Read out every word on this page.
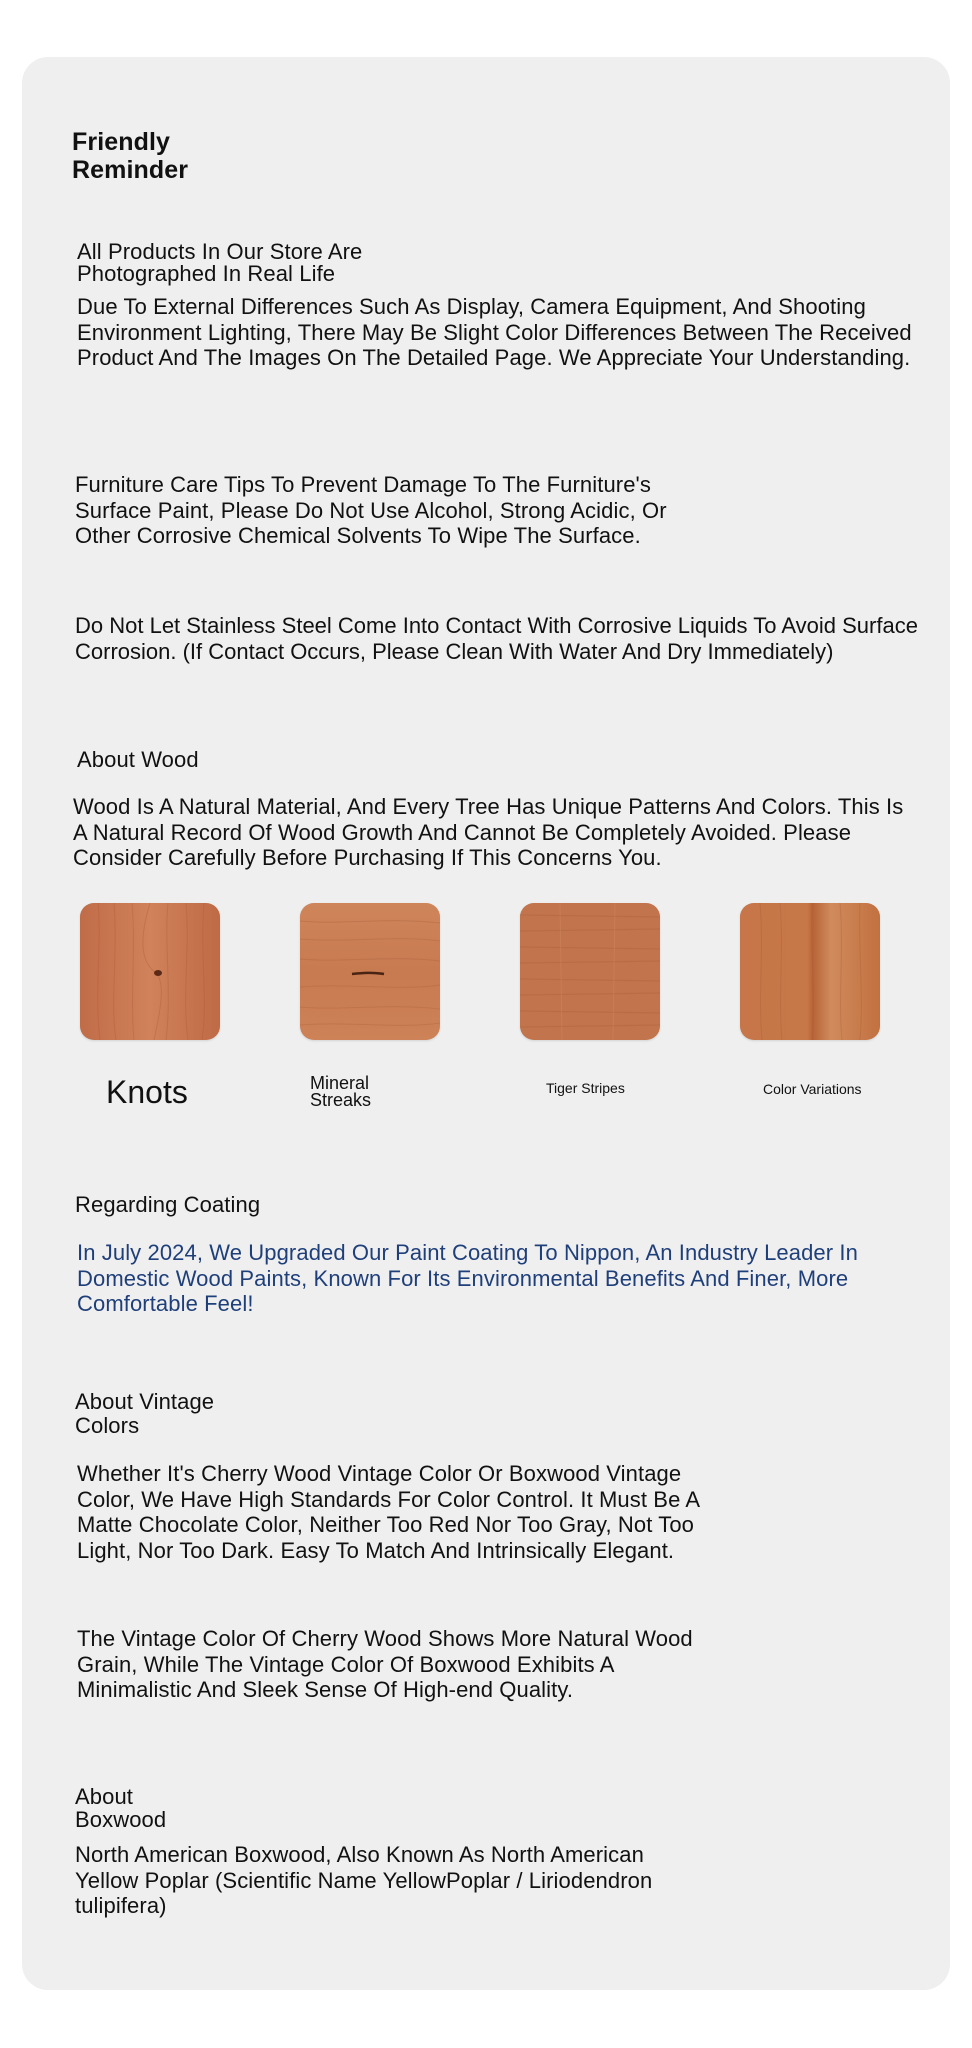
Friendly Reminder
All Products In Our Store Are Photographed In Real Life

Due To External Differences Such As Display, Camera Equipment, And Shooting Environment Lighting, There May Be Slight Color Differences Between The Received Product And The Images On The Detailed Page. We Appreciate Your Understanding.

Furniture Care Tips To Prevent Damage To The Furniture's Surface Paint, Please Do Not Use Alcohol, Strong Acidic, Or Other Corrosive Chemical Solvents To Wipe The Surface.

Do Not Let Stainless Steel Come Into Contact With Corrosive Liquids To Avoid Surface Corrosion. (If Contact Occurs, Please Clean With Water And Dry Immediately)

About Wood

Wood Is A Natural Material, And Every Tree Has Unique Patterns And Colors. This Is A Natural Record Of Wood Growth And Cannot Be Completely Avoided. Please Consider Carefully Before Purchasing If This Concerns You.

Knots	Mineral Streaks
Tiger Stripes	Color Variations
Regarding Coating

In July 2024, We Upgraded Our Paint Coating To Nippon, An Industry Leader In Domestic Wood Paints, Known For Its Environmental Benefits And Finer, More Comfortable Feel!

About Vintage Colors

Whether It's Cherry Wood Vintage Color Or Boxwood Vintage Color, We Have High Standards For Color Control. It Must Be A Matte Chocolate Color, Neither Too Red Nor Too Gray, Not Too Light, Nor Too Dark. Easy To Match And Intrinsically Elegant.

The Vintage Color Of Cherry Wood Shows More Natural Wood Grain, While The Vintage Color Of Boxwood Exhibits A Minimalistic And Sleek Sense Of High-end Quality.

About Boxwood

North American Boxwood, Also Known As North American Yellow Poplar (Scientific Name YellowPoplar / Liriodendron tulipifera)
